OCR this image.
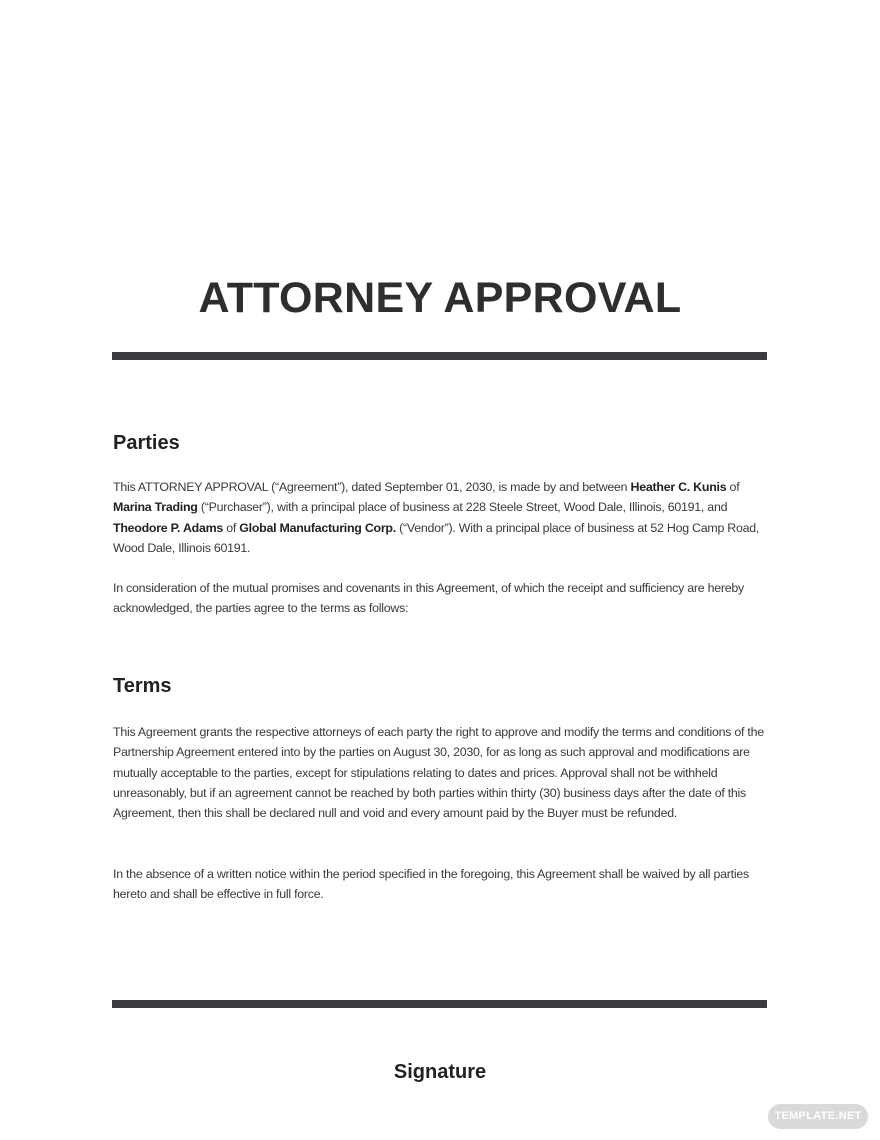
ATTORNEY APPROVAL
Parties

This ATTORNEY APPROVAL (“Agreement”), dated September 01, 2030, is made by and between Heather C. Kunis of Marina Trading (“Purchaser”), with a principal place of business at 228 Steele Street, Wood Dale, Illinois, 60191, and Theodore P. Adams of Global Manufacturing Corp. (“Vendor”). With a principal place of business at 52 Hog Camp Road, Wood Dale, Illinois 60191.

In consideration of the mutual promises and covenants in this Agreement, of which the receipt and sufficiency are hereby acknowledged, the parties agree to the terms as follows:

Terms

This Agreement grants the respective attorneys of each party the right to approve and modify the terms and conditions of the Partnership Agreement entered into by the parties on August 30, 2030, for as long as such approval and modifications are mutually acceptable to the parties, except for stipulations relating to dates and prices. Approval shall not be withheld unreasonably, but if an agreement cannot be reached by both parties within thirty (30) business days after the date of this Agreement, then this shall be declared null and void and every amount paid by the Buyer must be refunded.

In the absence of a written notice within the period specified in the foregoing, this Agreement shall be waived by all parties hereto and shall be effective in full force.

Signature
TEMPLATE.NET
